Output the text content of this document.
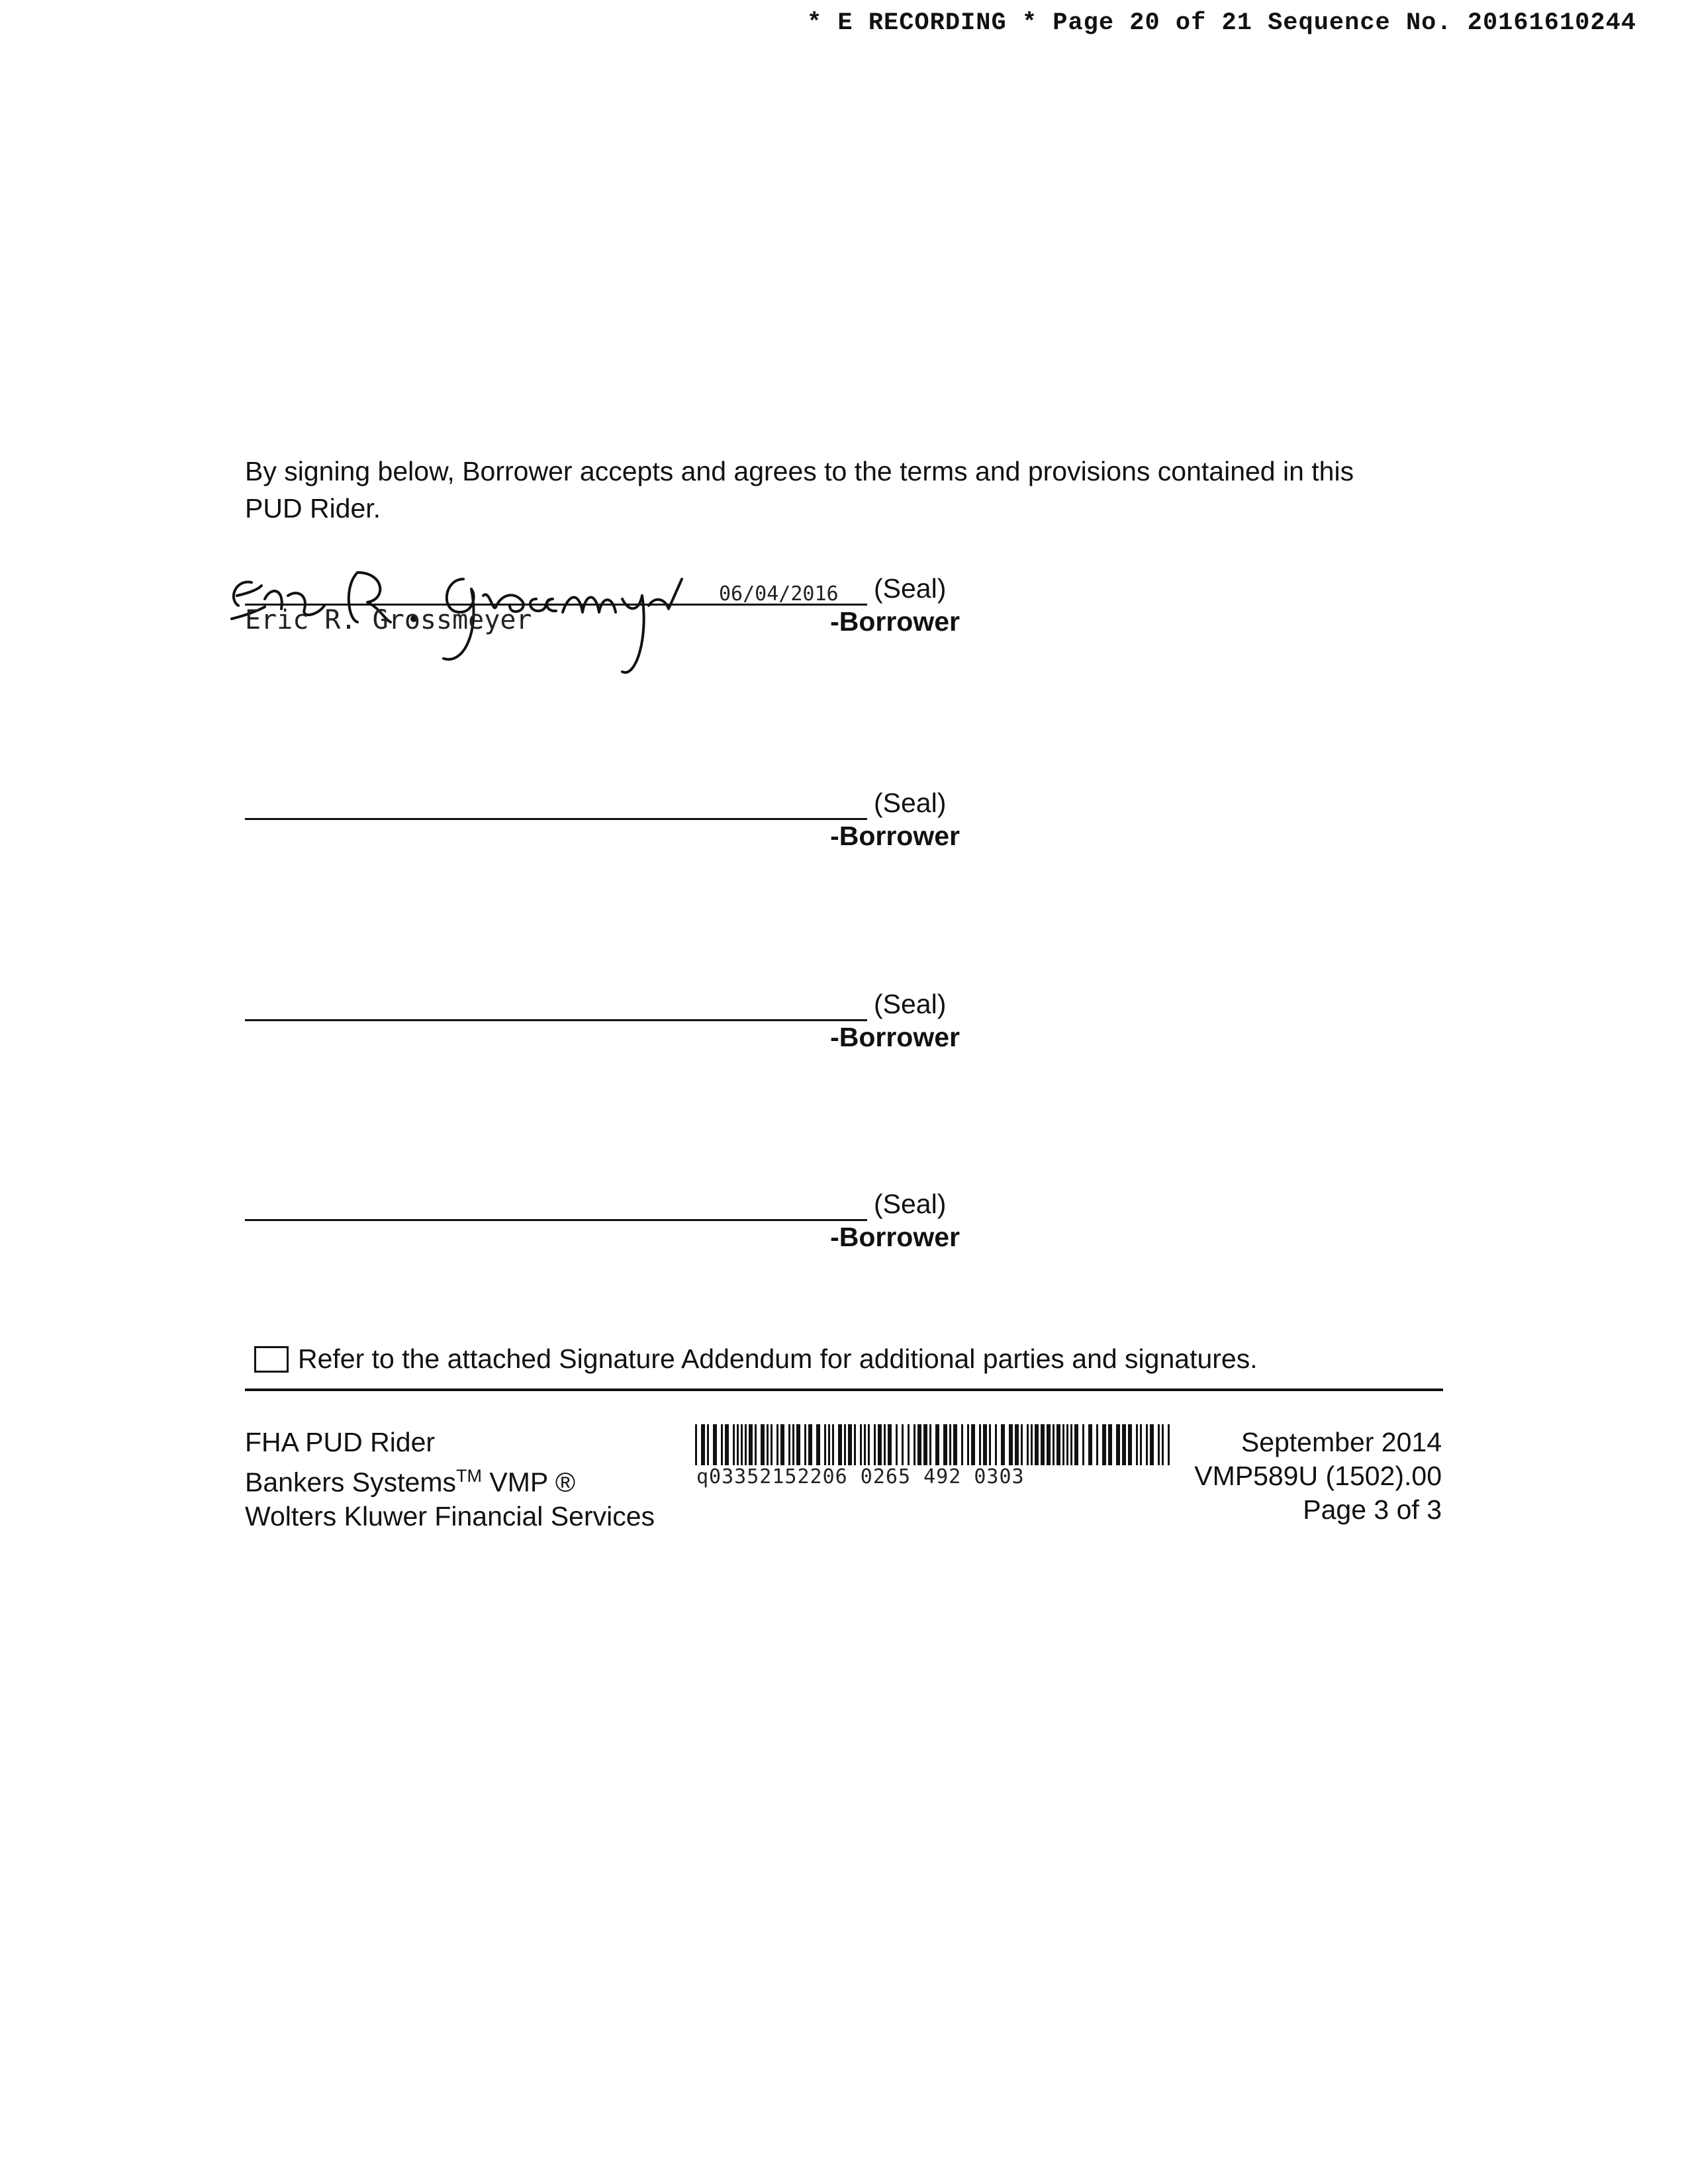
* E RECORDING * Page 20 of 21 Sequence No. 20161610244
By signing below, Borrower accepts and agrees to the terms and provisions contained in this PUD Rider.
06/04/2016 (Seal)
Eric R. Grossmeyer	-Borrower
(Seal)
-Borrower
(Seal)
-Borrower
(Seal)
-Borrower
Refer to the attached Signature Addendum for additional parties and signatures.
FHA PUD Rider
Bankers Systems™ VMP ®
Wolters Kluwer Financial Services
q03352152206 0265 492 0303
September 2014
VMP589U (1502).00
Page 3 of 3
